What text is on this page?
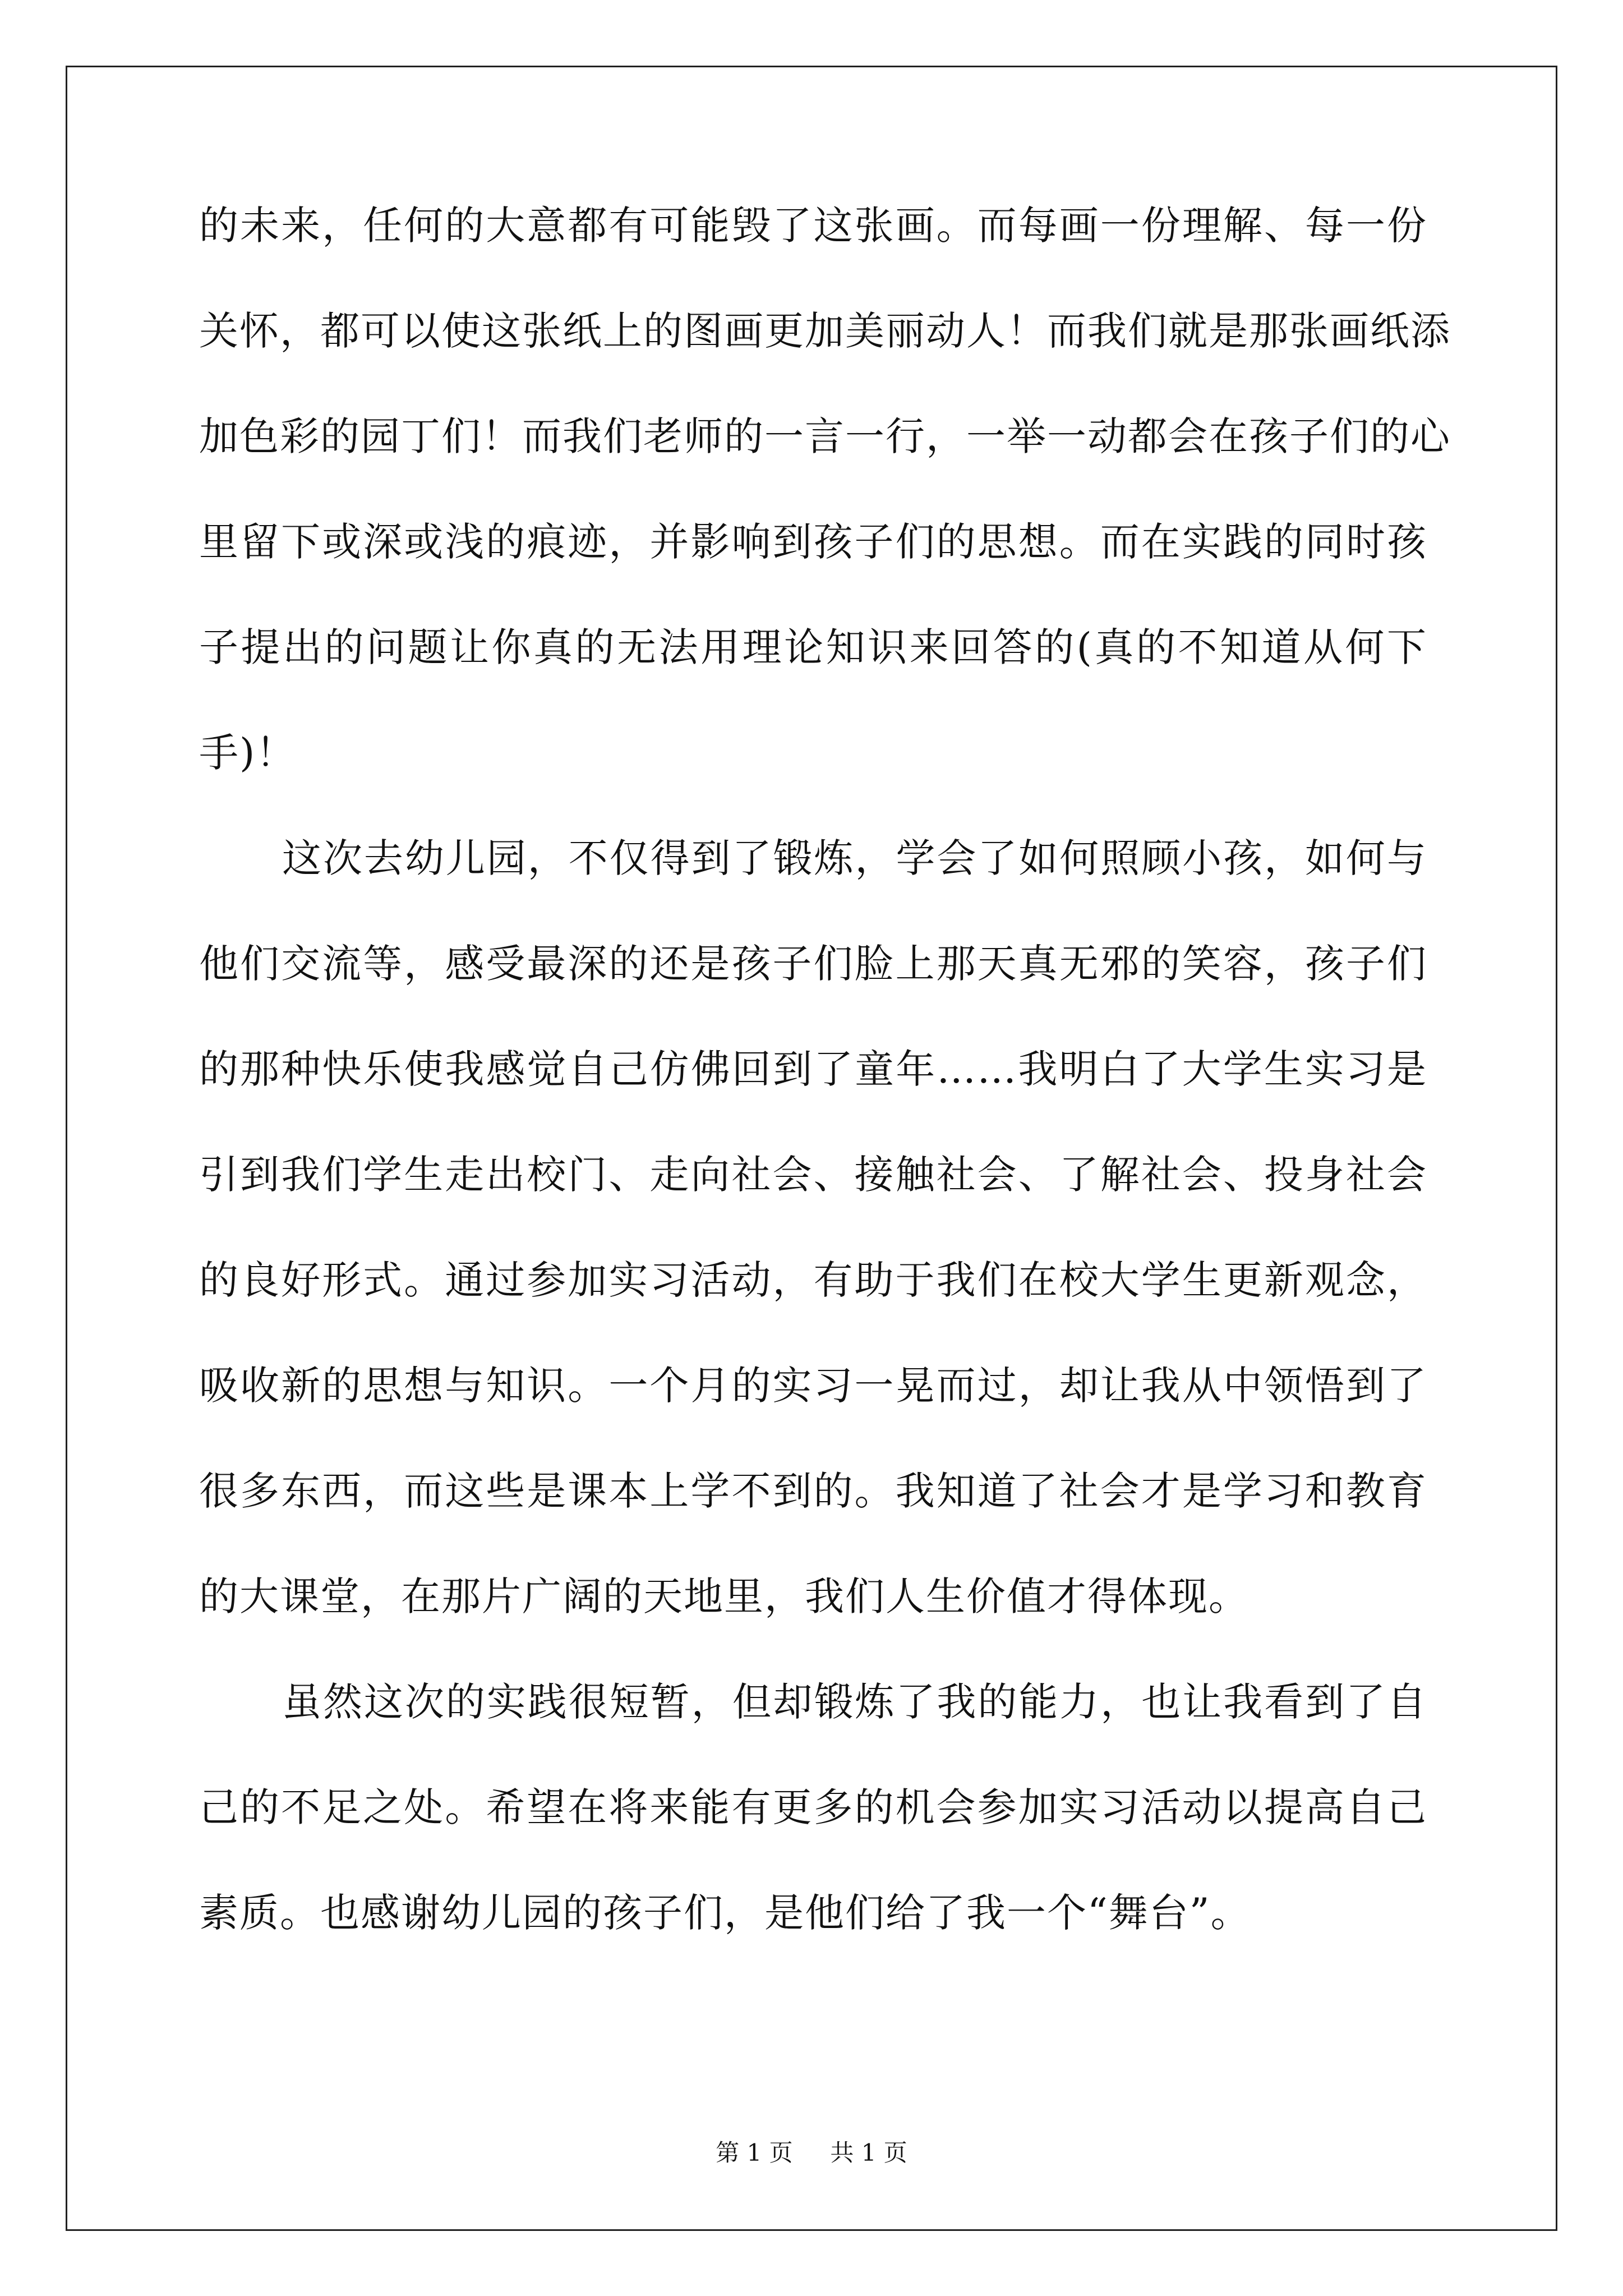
的未来，任何的大意都有可能毁了这张画。而每画一份理解、每一份
关怀，都可以使这张纸上的图画更加美丽动人！而我们就是那张画纸添
加色彩的园丁们！而我们老师的一言一行，一举一动都会在孩子们的心
里留下或深或浅的痕迹，并影响到孩子们的思想。而在实践的同时孩
子提出的问题让你真的无法用理论知识来回答的(真的不知道从何下
手)！
这次去幼儿园，不仅得到了锻炼，学会了如何照顾小孩，如何与
他们交流等，感受最深的还是孩子们脸上那天真无邪的笑容，孩子们
的那种快乐使我感觉自己仿佛回到了童年……我明白了大学生实习是
引到我们学生走出校门、走向社会、接触社会、了解社会、投身社会
的良好形式。通过参加实习活动，有助于我们在校大学生更新观念，
吸收新的思想与知识。一个月的实习一晃而过，却让我从中领悟到了
很多东西，而这些是课本上学不到的。我知道了社会才是学习和教育
的大课堂，在那片广阔的天地里，我们人生价值才得体现。
虽然这次的实践很短暂，但却锻炼了我的能力，也让我看到了自
己的不足之处。希望在将来能有更多的机会参加实习活动以提高自己
素质。也感谢幼儿园的孩子们，是他们给了我一个“舞台”。
第 1 页 共 1 页
